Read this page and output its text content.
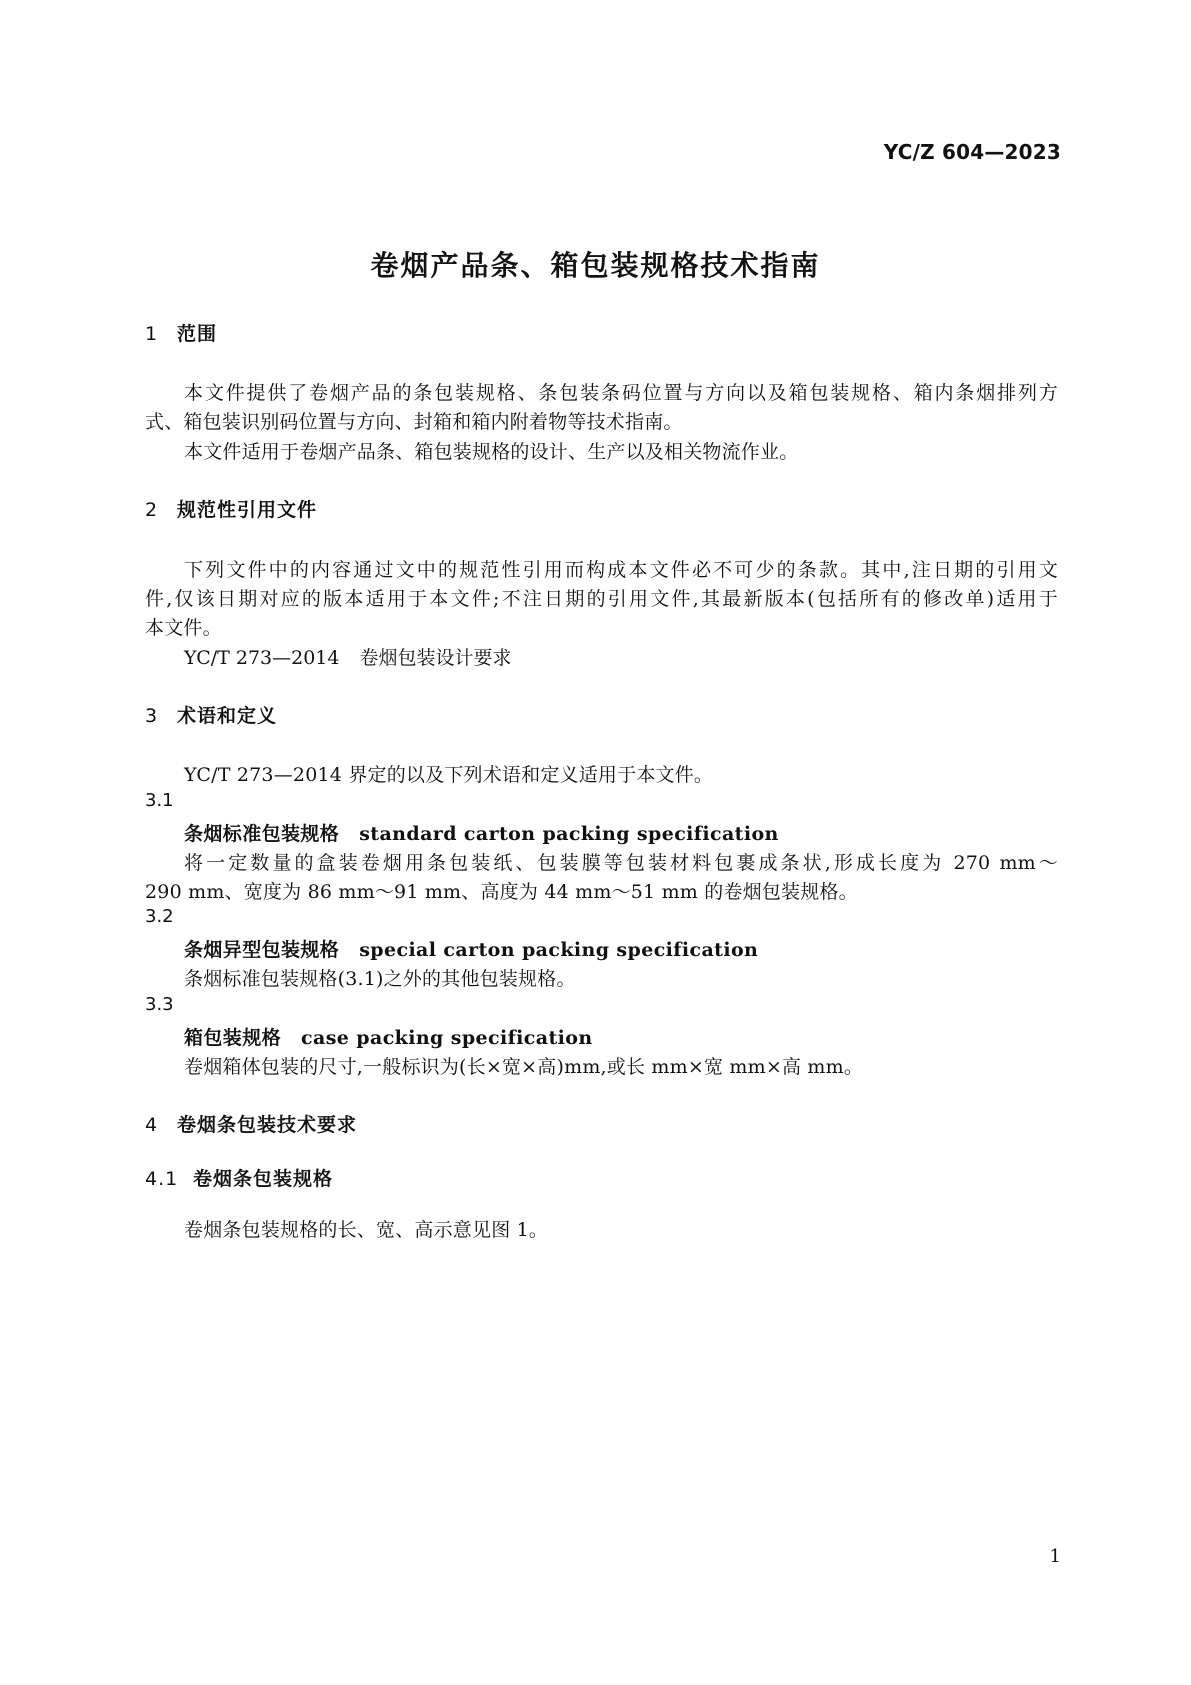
YC/Z 604—2023
卷烟产品条、箱包装规格技术指南
1 范围
本文件提供了卷烟产品的条包装规格、条包装条码位置与方向以及箱包装规格、箱内条烟排列方
式、箱包装识别码位置与方向、封箱和箱内附着物等技术指南。
本文件适用于卷烟产品条、箱包装规格的设计、生产以及相关物流作业。
2 规范性引用文件
下列文件中的内容通过文中的规范性引用而构成本文件必不可少的条款。其中,注日期的引用文
件,仅该日期对应的版本适用于本文件;不注日期的引用文件,其最新版本(包括所有的修改单)适用于
本文件。
YC/T 273—2014 卷烟包装设计要求
3 术语和定义
YC/T 273—2014 界定的以及下列术语和定义适用于本文件。
3.1
条烟标准包装规格 standard carton packing specification
将一定数量的盒装卷烟用条包装纸、包装膜等包装材料包裹成条状,形成长度为 270 mm～
290 mm、宽度为 86 mm～91 mm、高度为 44 mm～51 mm 的卷烟包装规格。
3.2
条烟异型包装规格 special carton packing specification
条烟标准包装规格(3.1)之外的其他包装规格。
3.3
箱包装规格 case packing specification
卷烟箱体包装的尺寸,一般标识为(长×宽×高)mm,或长 mm×宽 mm×高 mm。
4 卷烟条包装技术要求
4.1 卷烟条包装规格
卷烟条包装规格的长、宽、高示意见图 1。
1
